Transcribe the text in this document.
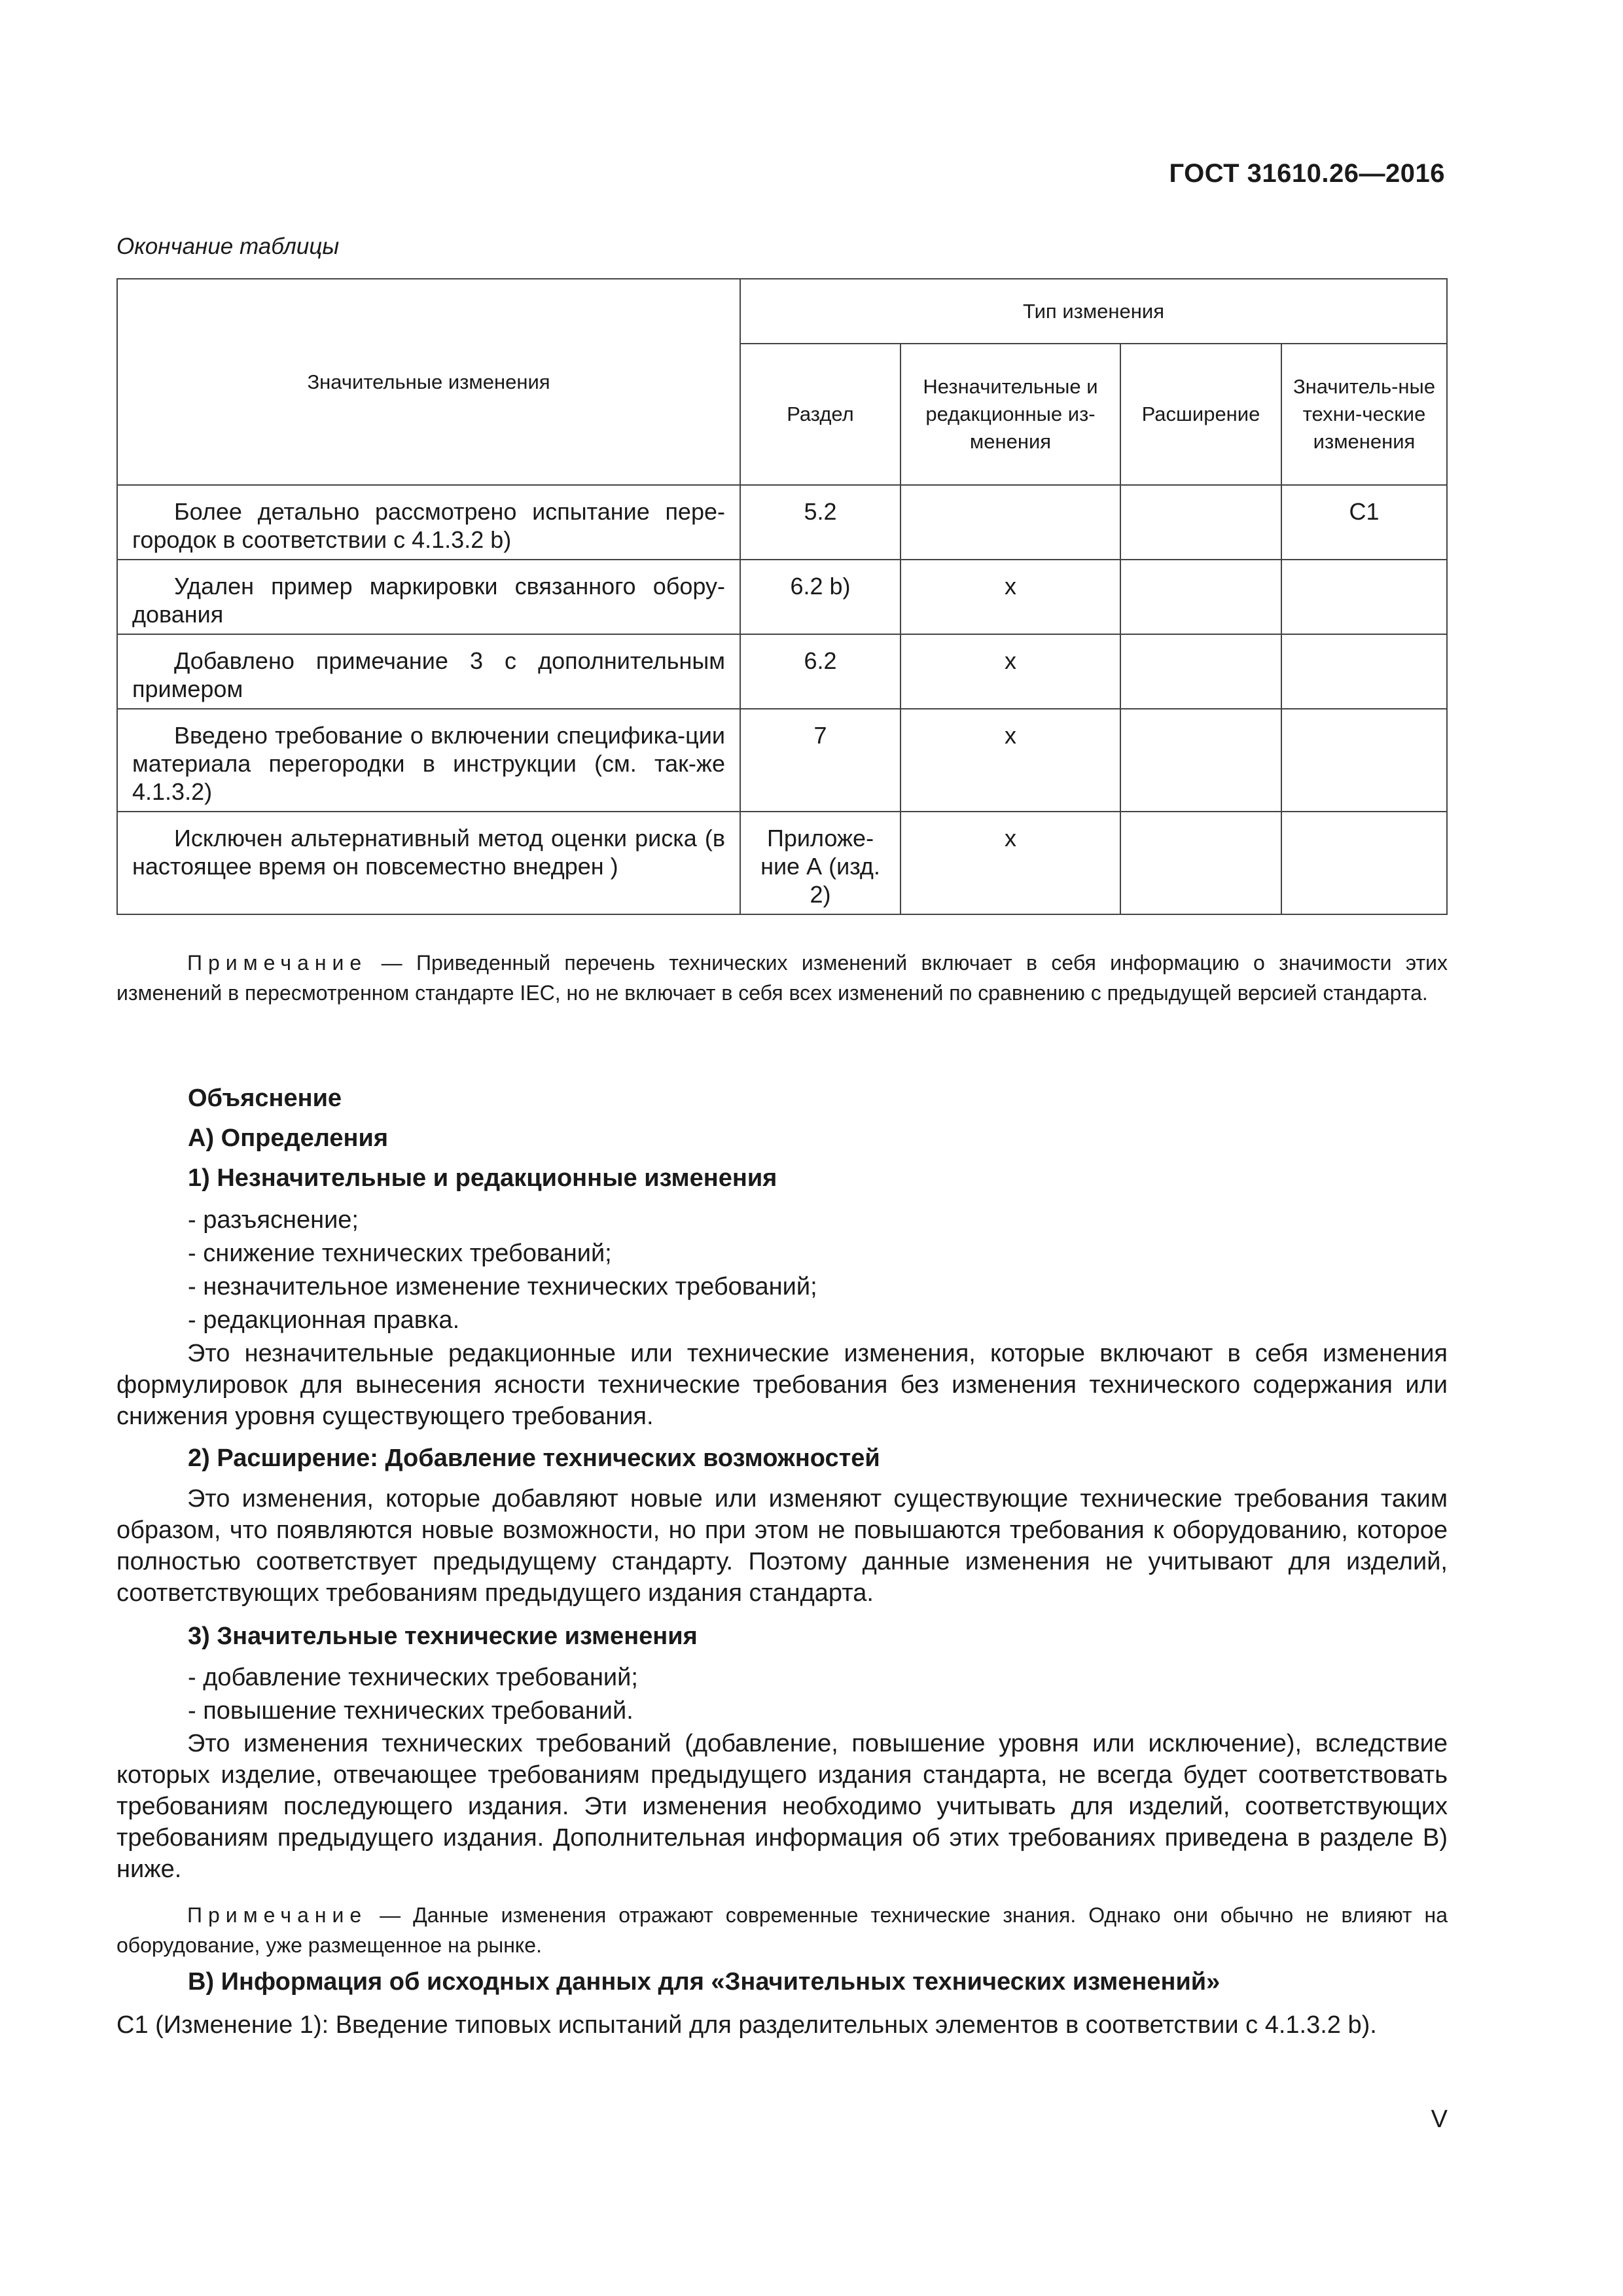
ГОСТ 31610.26—2016
Окончание таблицы
Значительные изменения	Тип изменения			
	Раздел	Незначительные и редакционные из-менения	Расширение	Значитель-ные техни-ческие изменения
Более детально рассмотрено испытание пере-городок в соответствии с 4.1.3.2 b)	5.2			C1
Удален пример маркировки связанного обору-дования	6.2 b)	x		
Добавлено примечание 3 с дополнительным примером	6.2	x		
Введено требование о включении специфика-ции материала перегородки в инструкции (см. так-же 4.1.3.2)	7	x		
Исключен альтернативный метод оценки риска (в настоящее время он повсеместно внедрен )	Приложе-ние А (изд. 2)	x		
Примечание — Приведенный перечень технических изменений включает в себя информацию о значимости этих изменений в пересмотренном стандарте IEC, но не включает в себя всех изменений по сравнению с предыдущей версией стандарта.
Объяснение
А) Определения
1) Незначительные и редакционные изменения
- разъяснение;
- снижение технических требований;
- незначительное изменение технических требований;
- редакционная правка.
Это незначительные редакционные или технические изменения, которые включают в себя изменения формулировок для вынесения ясности технические требования без изменения технического содержания или снижения уровня существующего требования.
2) Расширение: Добавление технических возможностей
Это изменения, которые добавляют новые или изменяют существующие технические требования таким образом, что появляются новые возможности, но при этом не повышаются требования к оборудованию, которое полностью соответствует предыдущему стандарту. Поэтому данные изменения не учитывают для изделий, соответствующих требованиям предыдущего издания стандарта.
3) Значительные технические изменения
- добавление технических требований;
- повышение технических требований.
Это изменения технических требований (добавление, повышение уровня или исключение), вследствие которых изделие, отвечающее требованиям предыдущего издания стандарта, не всегда будет соответствовать требованиям последующего издания. Эти изменения необходимо учитывать для изделий, соответствующих требованиям предыдущего издания. Дополнительная информация об этих требованиях приведена в разделе В) ниже.
Примечание — Данные изменения отражают современные технические знания. Однако они обычно не влияют на оборудование, уже размещенное на рынке.
В) Информация об исходных данных для «Значительных технических изменений»
С1 (Изменение 1): Введение типовых испытаний для разделительных элементов в соответствии с 4.1.3.2 b).
V
